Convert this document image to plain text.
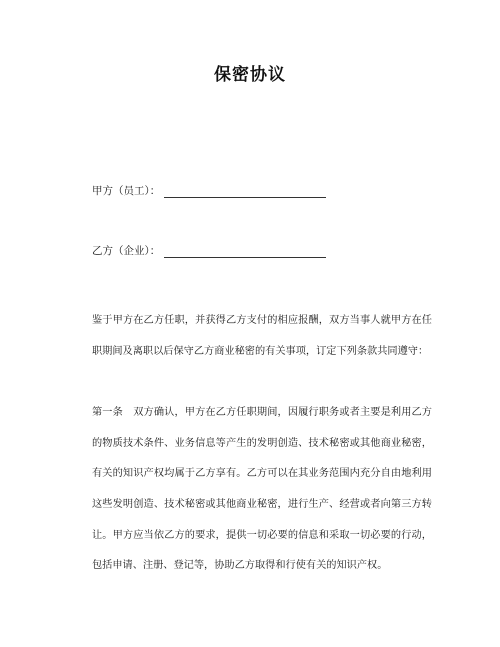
保密协议
甲方（员工）：
乙方（企业）：

鉴于甲方在乙方任职，并获得乙方支付的相应报酬，双方当事人就甲方在任职期间及离职以后保守乙方商业秘密的有关事项，订定下列条款共同遵守：

第一条　双方确认，甲方在乙方任职期间，因履行职务或者主要是利用乙方的物质技术条件、业务信息等产生的发明创造、技术秘密或其他商业秘密，有关的知识产权均属于乙方享有。乙方可以在其业务范围内充分自由地利用这些发明创造、技术秘密或其他商业秘密，进行生产、经营或者向第三方转让。甲方应当依乙方的要求，提供一切必要的信息和采取一切必要的行动，包括申请、注册、登记等，协助乙方取得和行使有关的知识产权。
